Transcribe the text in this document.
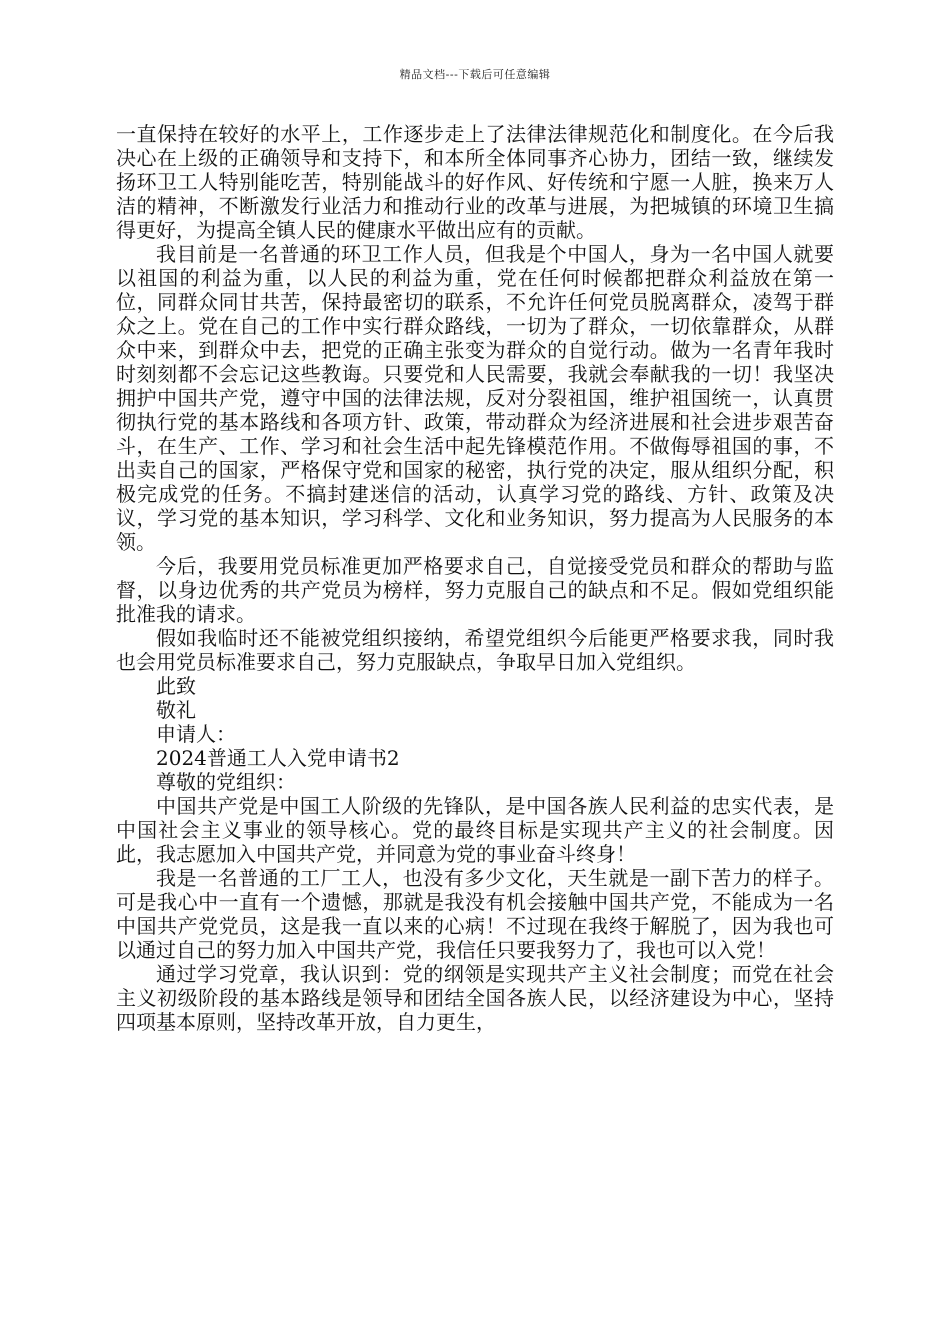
精品文档---下载后可任意编辑

一直保持在较好的水平上，工作逐步走上了法律法律规范化和制度化。在今后我决心在上级的正确领导和支持下，和本所全体同事齐心协力，团结一致，继续发扬环卫工人特别能吃苦，特别能战斗的好作风、好传统和宁愿一人脏，换来万人洁的精神，不断激发行业活力和推动行业的改革与进展，为把城镇的环境卫生搞得更好，为提高全镇人民的健康水平做出应有的贡献。

我目前是一名普通的环卫工作人员，但我是个中国人，身为一名中国人就要以祖国的利益为重，以人民的利益为重，党在任何时候都把群众利益放在第一位，同群众同甘共苦，保持最密切的联系，不允许任何党员脱离群众，凌驾于群众之上。党在自己的工作中实行群众路线，一切为了群众，一切依靠群众，从群众中来，到群众中去，把党的正确主张变为群众的自觉行动。做为一名青年我时时刻刻都不会忘记这些教诲。只要党和人民需要，我就会奉献我的一切！我坚决拥护中国共产党，遵守中国的法律法规，反对分裂祖国，维护祖国统一，认真贯彻执行党的基本路线和各项方针、政策，带动群众为经济进展和社会进步艰苦奋斗，在生产、工作、学习和社会生活中起先锋模范作用。不做侮辱祖国的事，不出卖自己的国家，严格保守党和国家的秘密，执行党的决定，服从组织分配，积极完成党的任务。不搞封建迷信的活动，认真学习党的路线、方针、政策及决议，学习党的基本知识，学习科学、文化和业务知识，努力提高为人民服务的本领。

今后，我要用党员标准更加严格要求自己，自觉接受党员和群众的帮助与监督，以身边优秀的共产党员为榜样，努力克服自己的缺点和不足。假如党组织能批准我的请求。

假如我临时还不能被党组织接纳，希望党组织今后能更严格要求我，同时我也会用党员标准要求自己，努力克服缺点，争取早日加入党组织。

此致

敬礼

申请人：

2024普通工人入党申请书2

尊敬的党组织：

中国共产党是中国工人阶级的先锋队，是中国各族人民利益的忠实代表，是中国社会主义事业的领导核心。党的最终目标是实现共产主义的社会制度。因此，我志愿加入中国共产党，并同意为党的事业奋斗终身！

我是一名普通的工厂工人，也没有多少文化，天生就是一副下苦力的样子。可是我心中一直有一个遗憾，那就是我没有机会接触中国共产党，不能成为一名中国共产党党员，这是我一直以来的心病！不过现在我终于解脱了，因为我也可以通过自己的努力加入中国共产党，我信任只要我努力了，我也可以入党！

通过学习党章，我认识到：党的纲领是实现共产主义社会制度；而党在社会主义初级阶段的基本路线是领导和团结全国各族人民，以经济建设为中心，坚持四项基本原则，坚持改革开放，自力更生，
